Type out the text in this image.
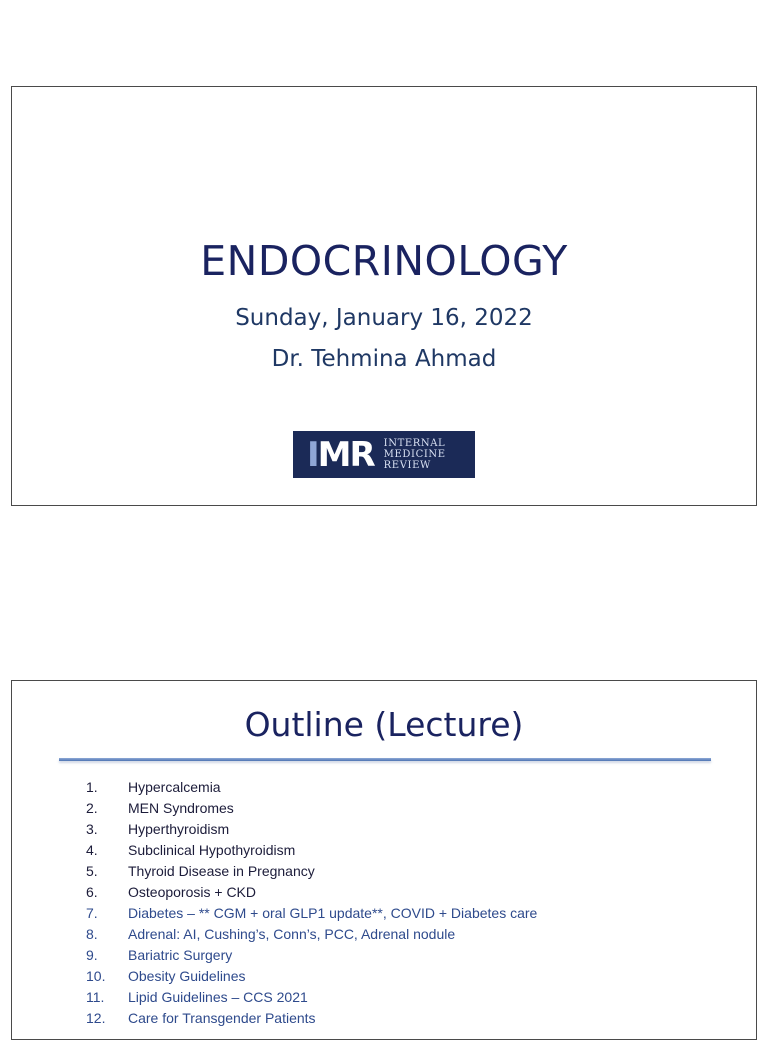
ENDOCRINOLOGY
Sunday, January 16, 2022
Dr. Tehmina Ahmad
IMR INTERNAL
MEDICINE
REVIEW
Outline (Lecture)
1. Hypercalcemia
2. MEN Syndromes
3. Hyperthyroidism
4. Subclinical Hypothyroidism
5. Thyroid Disease in Pregnancy
6. Osteoporosis + CKD
7. Diabetes – ** CGM + oral GLP1 update**, COVID + Diabetes care
8. Adrenal: AI, Cushing’s, Conn’s, PCC, Adrenal nodule
9. Bariatric Surgery
10. Obesity Guidelines
11. Lipid Guidelines – CCS 2021
12. Care for Transgender Patients
